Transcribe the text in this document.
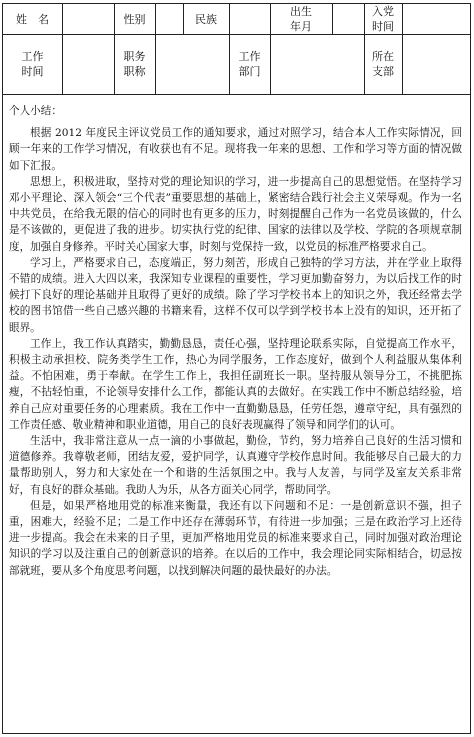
姓　名	性别	民族
出生
年月
入党
时间
工作
时间
职务
职称
工作
部门
所在
支部
个人小结：

根据 2012 年度民主评议党员工作的通知要求，通过对照学习，结合本人工作实际情况，回顾一年来的工作学习情况，有收获也有不足。现将我一年来的思想、工作和学习等方面的情况做如下汇报。

思想上，积极进取，坚持对党的理论知识的学习，进一步提高自己的思想觉悟。在坚持学习邓小平理论、深入领会“三个代表”重要思想的基础上，紧密结合践行社会主义荣辱观。作为一名中共党员，在给我无限的信心的同时也有更多的压力，时刻提醒自己作为一名党员该做的，什么是不该做的，更促进了我的进步。切实执行党的纪律、国家的法律以及学校、学院的各项规章制度，加强自身修养。平时关心国家大事，时刻与党保持一致，以党员的标准严格要求自己。

学习上，严格要求自己，态度端正，努力刻苦，形成自己独特的学习方法，并在学业上取得不错的成绩。进入大四以来，我深知专业课程的重要性，学习更加勤奋努力，为以后找工作的时候打下良好的理论基础并且取得了更好的成绩。除了学习学校书本上的知识之外，我还经常去学校的图书馆借一些自己感兴趣的书籍来看，这样不仅可以学到学校书本上没有的知识，还开拓了眼界。

工作上，我工作认真踏实，勤勤恳恳，责任心强，坚持理论联系实际，自觉提高工作水平，积极主动承担校、院务类学生工作，热心为同学服务，工作态度好，做到个人利益服从集体利益。不怕困难，勇于奉献。在学生工作上，我担任副班长一职。坚持服从领导分工，不挑肥拣瘦，不拈轻怕重，不论领导安排什么工作，都能认真的去做好。在实践工作中不断总结经验，培养自己应对重要任务的心理素质。我在工作中一直勤勤恳恳，任劳任怨，遵章守纪，具有强烈的工作责任感、敬业精神和职业道德，用自己的良好表现赢得了领导和同学们的认可。

生活中，我非常注意从一点一滴的小事做起，勤俭，节约，努力培养自己良好的生活习惯和道德修养。我尊敬老师，团结友爱，爱护同学，认真遵守学校作息时间。我能够尽自己最大的力量帮助别人，努力和大家处在一个和谐的生活氛围之中。我与人友善，与同学及室友关系非常好，有良好的群众基础。我助人为乐，从各方面关心同学，帮助同学。

但是，如果严格地用党的标准来衡量，我还有以下问题和不足：一是创新意识不强，担子重，困难大，经验不足；二是工作中还存在薄弱环节，有待进一步加强；三是在政治学习上还待进一步提高。我会在未来的日子里，更加严格地用党员的标准来要求自己，同时加强对政治理论知识的学习以及注重自己的创新意识的培养。在以后的工作中，我会理论同实际相结合，切忌按部就班，要从多个角度思考问题，以找到解决问题的最快最好的办法。
